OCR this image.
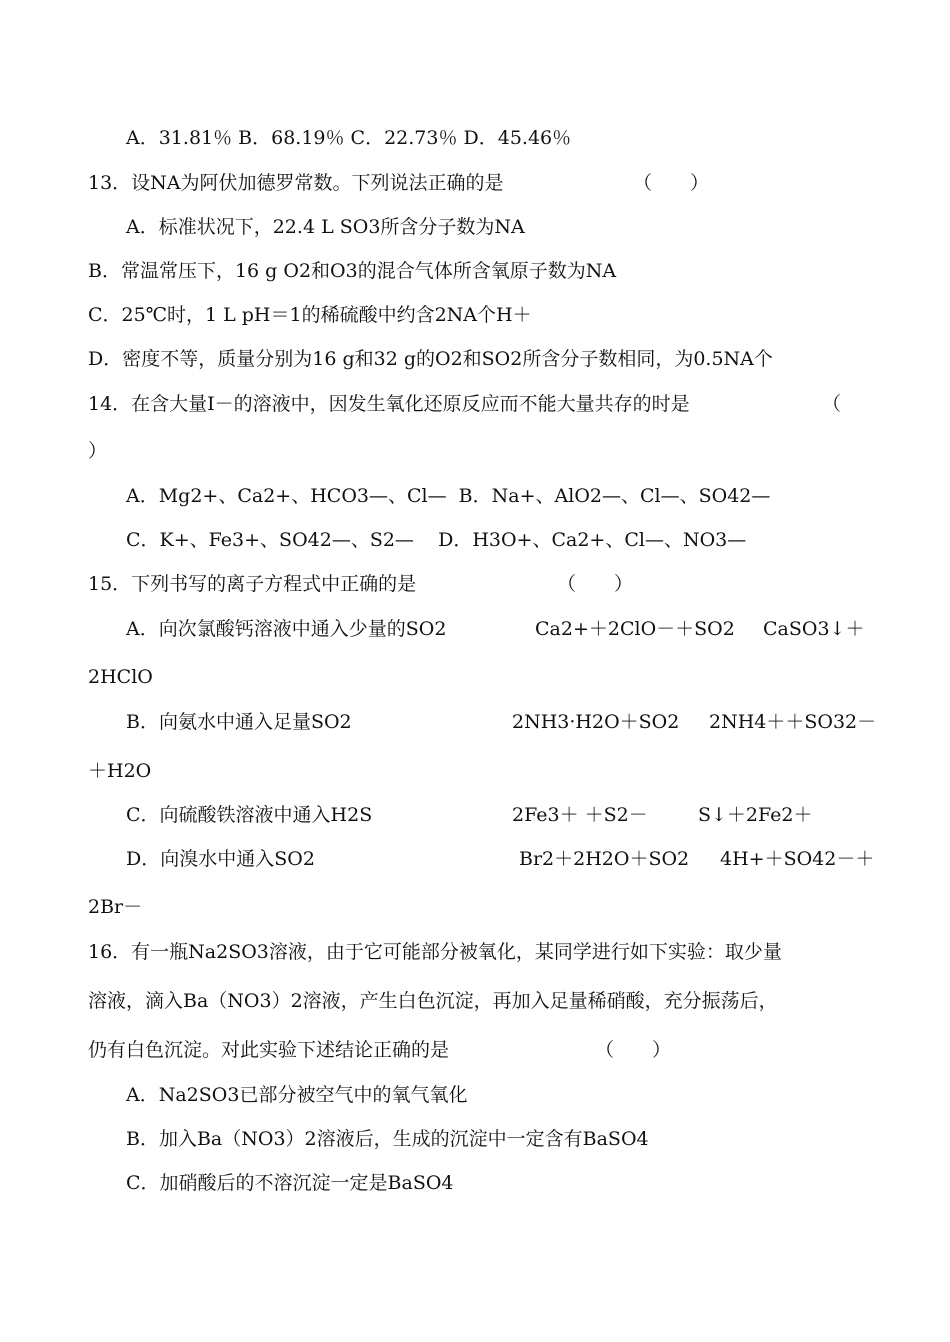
A．31.81％ B．68.19％ C．22.73％ D．45.46％
13．设NA为阿伏加德罗常数。下列说法正确的是	（　　）
A．标准状况下，22.4 L SO3所含分子数为NA
B．常温常压下，16 g O2和O3的混合气体所含氧原子数为NA
C．25℃时，1 L pH＝1的稀硫酸中约含2NA个H＋
D．密度不等，质量分别为16 g和32 g的O2和SO2所含分子数相同，为0.5NA个
14．在含大量I－的溶液中，因发生氧化还原反应而不能大量共存的时是	（
）
A．Mg2+、Ca2+、HCO3—、Cl—  B．Na+、AlO2—、Cl—、SO42—
C．K+、Fe3+、SO42—、S2—    D．H3O+、Ca2+、Cl—、NO3—
15．下列书写的离子方程式中正确的是	（　　）
A．向次氯酸钙溶液中通入少量的SO2	Ca2+＋2ClO－＋SO2 CaSO3↓＋
2HClO
B．向氨水中通入足量SO2	2NH3·H2O＋SO2 2NH4＋＋SO32－
＋H2O
C．向硫酸铁溶液中通入H2S	2Fe3＋ ＋S2－	S↓＋2Fe2＋
D．向溴水中通入SO2	Br2＋2H2O＋SO2 4H+＋SO42－＋
2Br－
16．有一瓶Na2SO3溶液，由于它可能部分被氧化，某同学进行如下实验：取少量
溶液，滴入Ba（NO3）2溶液，产生白色沉淀，再加入足量稀硝酸，充分振荡后，
仍有白色沉淀。对此实验下述结论正确的是	（　　）
A．Na2SO3已部分被空气中的氧气氧化
B．加入Ba（NO3）2溶液后，生成的沉淀中一定含有BaSO4
C．加硝酸后的不溶沉淀一定是BaSO4
